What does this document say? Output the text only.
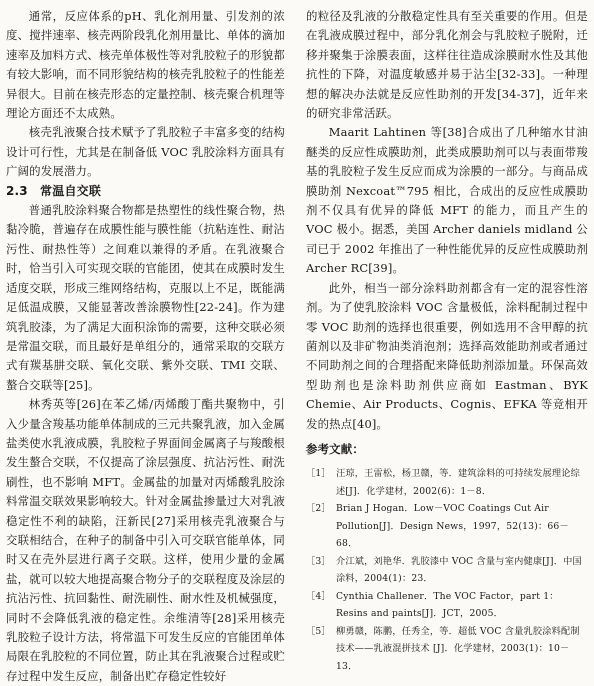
通常，反应体系的pH、乳化剂用量、引发剂的浓度、搅拌速率、核壳两阶段乳化剂用量比、单体的滴加速率及加料方式、核壳单体极性等对乳胶粒子的形貌都有较大影响，而不同形貌结构的核壳乳胶粒子的性能差异很大。目前在核壳形态的定量控制、核壳聚合机理等理论方面还不太成熟。

核壳乳液聚合技术赋予了乳胶粒子丰富多变的结构设计可行性，尤其是在制备低 VOC 乳胶涂料方面具有广阔的发展潜力。

2.3　常温自交联

普通乳胶涂料聚合物都是热塑性的线性聚合物，热黏冷脆，普遍存在成膜性能与膜性能（抗粘连性、耐沾污性、耐热性等）之间难以兼得的矛盾。在乳液聚合时，恰当引入可实现交联的官能团，使其在成膜时发生适度交联，形成三维网络结构，克服以上不足，既能满足低温成膜，又能显著改善涂膜物性[22-24]。作为建筑乳胶漆，为了满足大面积涂饰的需要，这种交联必须是常温交联，而且最好是单组分的，通常采取的交联方式有羰基肼交联、氧化交联、紫外交联、TMI 交联、螯合交联等[25]。

林秀英等[26]在苯乙烯/丙烯酸丁酯共聚物中，引入少量含羧基功能单体制成的三元共聚乳液，加入金属盐类使水乳液成膜，乳胶粒子界面间金属离子与羧酸根发生螯合交联，不仅提高了涂层强度、抗沾污性、耐洗刷性，也不影响 MFT。金属盐的加量对丙烯酸乳胶涂料常温交联效果影响较大。针对金属盐掺量过大对乳液稳定性不利的缺陷，汪新民[27]采用核壳乳液聚合与交联相结合，在种子的制备中引入可交联官能单体，同时又在壳外层进行离子交联。这样，使用少量的金属盐，就可以较大地提高聚合物分子的交联程度及涂层的抗沾污性、抗回黏性、耐洗刷性、耐水性及机械强度，同时不会降低乳液的稳定性。余维清等[28]采用核壳乳胶粒子设计方法，将常温下可发生反应的官能团单体局限在乳胶粒的不同位置，防止其在乳液聚合过程或贮存过程中发生反应，制备出贮存稳定性较好

的粒径及乳液的分散稳定性具有至关重要的作用。但是在乳液成膜过程中，部分乳化剂会与乳胶粒子脱附，迁移并聚集于涂膜表面，这样往往造成涂膜耐水性及其他抗性的下降，对温度敏感并易于沾尘[32-33]。一种理想的解决办法就是反应性助剂的开发[34-37]，近年来的研究非常活跃。

Maarit Lahtinen 等[38]合成出了几种缩水甘油醚类的反应性成膜助剂，此类成膜助剂可以与表面带羧基的乳胶粒子发生反应而成为涂膜的一部分。与商品成膜助剂 Nexcoat™795 相比，合成出的反应性成膜助剂不仅具有优异的降低 MFT 的能力，而且产生的 VOC 极小。据悉，美国 Archer daniels midland 公司已于 2002 年推出了一种性能优异的反应性成膜助剂 Archer RC[39]。

此外，相当一部分涂料助剂都含有一定的混容性溶剂。为了使乳胶涂料 VOC 含量极低，涂料配制过程中零 VOC 助剂的选择也很重要，例如选用不含甲醇的抗菌剂以及非矿物油类消泡剂；选择高效能助剂或者通过不同助剂之间的合理搭配来降低助剂添加量。环保高效型助剂也是涂料助剂供应商如 Eastman、BYK Chemie、Air Products、Cognis、EFKA 等竞相开发的热点[40]。

参考文献：
［1］ 汪琼，王雷松，杨卫赣，等．建筑涂料的可持续发展理论综述[J]．化学建材，2002(6)：1－8．
［2］ Brian J Hogan．Low－VOC Coatings Cut Air Pollution[J]．Design News，1997，52(13)：66－68．
［3］ 介江斌，刘艳华．乳胶漆中 VOC 含量与室内健康[J]．中国涂料，2004(1)：23．
［4］ Cynthia Challener．The VOC Factor，part 1：Resins and paints[J]．JCT，2005．
［5］ 柳勇赣，陈鹏，任秀全，等．超低 VOC 含量乳胶涂料配制技术——乳液混拼技术 [J]．化学建材，2003(1)：10－13．
